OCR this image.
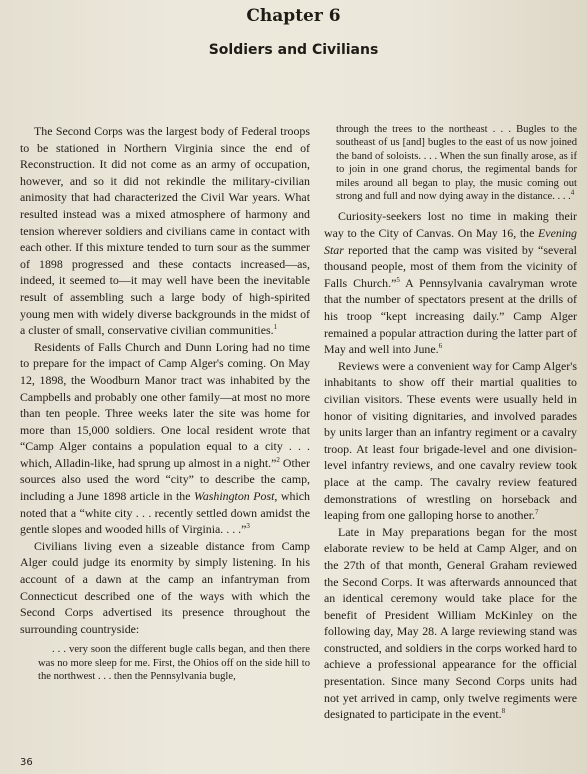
Chapter 6
Soldiers and Civilians

The Second Corps was the largest body of Federal troops to be stationed in Northern Virginia since the end of Reconstruction. It did not come as an army of occupation, however, and so it did not rekindle the military-civilian animosity that had characterized the Civil War years. What resulted instead was a mixed atmosphere of harmony and tension wherever soldiers and civilians came in contact with each other. If this mixture tended to turn sour as the summer of 1898 progressed and these contacts increased—as, indeed, it seemed to—it may well have been the inevitable result of assembling such a large body of high-spirited young men with widely diverse backgrounds in the midst of a cluster of small, conservative civilian communities.$^1$

Residents of Falls Church and Dunn Loring had no time to prepare for the impact of Camp Alger's coming. On May 12, 1898, the Woodburn Manor tract was inhabited by the Campbells and probably one other family—at most no more than ten people. Three weeks later the site was home for more than 15,000 soldiers. One local resident wrote that “Camp Alger contains a population equal to a city . . . which, Alladin-like, had sprung up almost in a night.”$^2$ Other sources also used the word “city” to describe the camp, including a June 1898 article in the Washington Post, which noted that a “white city . . . recently settled down amidst the gentle slopes and wooded hills of Virginia. . . .”$^3$

Civilians living even a sizeable distance from Camp Alger could judge its enormity by simply listening. In his account of a dawn at the camp an infantryman from Connecticut described one of the ways with which the Second Corps advertised its presence throughout the surrounding countryside:

. . . very soon the different bugle calls began, and then there was no more sleep for me. First, the Ohios off on the side hill to the northwest . . . then the Pennsylvania bugle,
through the trees to the northeast . . . Bugles to the southeast of us [and] bugles to the east of us now joined the band of soloists. . . . When the sun finally arose, as if to join in one grand chorus, the regimental bands for miles around all began to play, the music coming out strong and full and now dying away in the distance. . . .$^4$

Curiosity-seekers lost no time in making their way to the City of Canvas. On May 16, the Evening Star reported that the camp was visited by “several thousand people, most of them from the vicinity of Falls Church.”$^5$ A Pennsylvania cavalryman wrote that the number of spectators present at the drills of his troop “kept increasing daily.” Camp Alger remained a popular attraction during the latter part of May and well into June.$^6$

Reviews were a convenient way for Camp Alger's inhabitants to show off their martial qualities to civilian visitors. These events were usually held in honor of visiting dignitaries, and involved parades by units larger than an infantry regiment or a cavalry troop. At least four brigade-level and one division-level infantry reviews, and one cavalry review took place at the camp. The cavalry review featured demonstrations of wrestling on horseback and leaping from one galloping horse to another.$^7$

Late in May preparations began for the most elaborate review to be held at Camp Alger, and on the 27th of that month, General Graham reviewed the Second Corps. It was afterwards announced that an identical ceremony would take place for the benefit of President William McKinley on the following day, May 28. A large reviewing stand was constructed, and soldiers in the corps worked hard to achieve a professional appearance for the official presentation. Since many Second Corps units had not yet arrived in camp, only twelve regiments were designated to participate in the event.$^8$

36
